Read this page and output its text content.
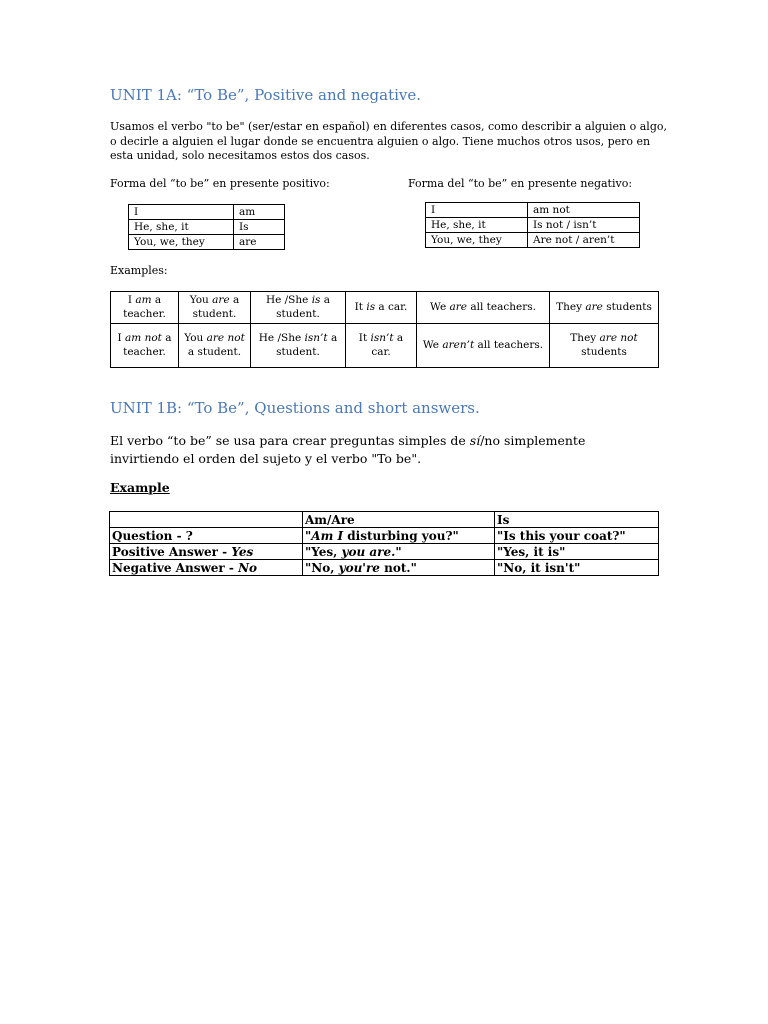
UNIT 1A: “To Be”, Positive and negative.
Usamos el verbo "to be" (ser/estar en español) en diferentes casos, como describir a alguien o algo, o decirle a alguien el lugar donde se encuentra alguien o algo. Tiene muchos otros usos, pero en esta unidad, solo necesitamos estos dos casos.
Forma del “to be” en presente positivo:	Forma del “to be” en presente negativo:
I	am
He, she, it	Is
You, we, they	are
I	am not
He, she, it	Is not / isn’t
You, we, they	Are not / aren’t
Examples:
I am a teacher.	You are a student.	He /She is a student.	It is a car.	We are all teachers.	They are students
I am not a teacher.	You are not a student.	He /She isn’t a student.	It isn’t a car.	We aren’t all teachers.	They are not students
UNIT 1B: “To Be”, Questions and short answers.
El verbo “to be” se usa para crear preguntas simples de sí/no simplemente invirtiendo el orden del sujeto y el verbo "To be".
Example
	Am/Are	Is
Question - ?	"Am I disturbing you?"	"Is this your coat?"
Positive Answer - Yes	"Yes, you are."	"Yes, it is"
Negative Answer - No	"No, you're not."	"No, it isn't"
